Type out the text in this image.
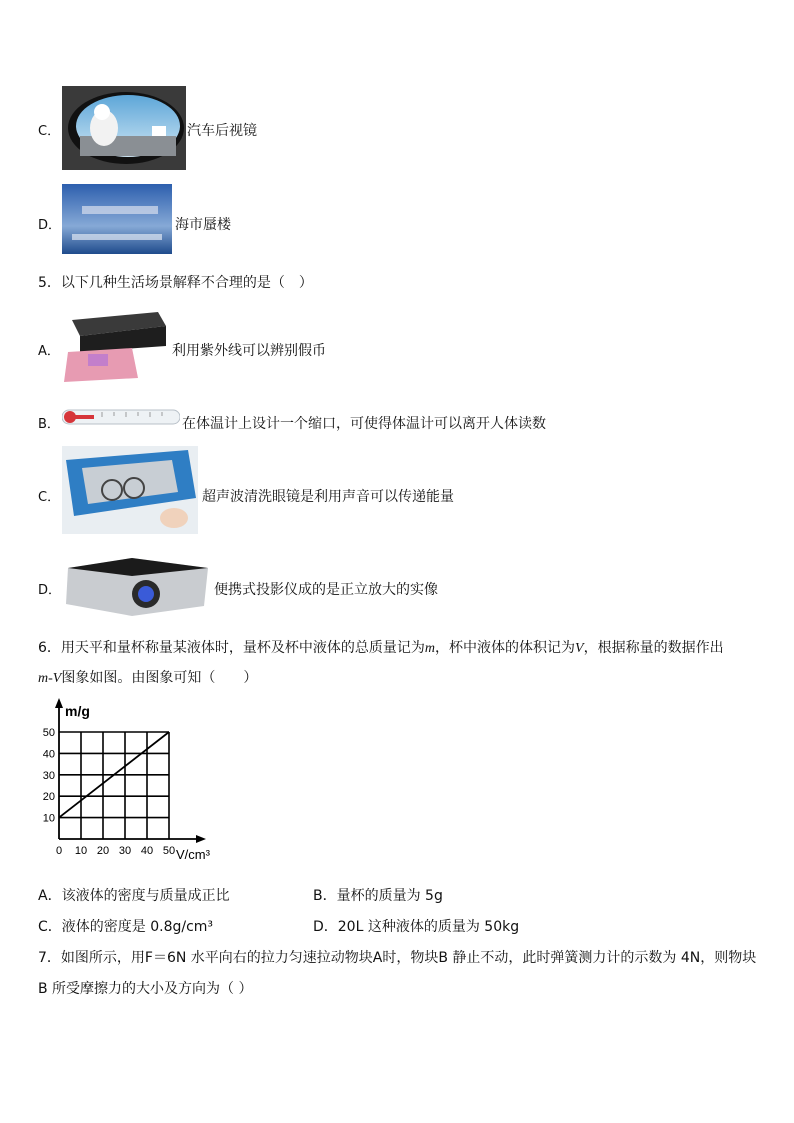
C．	汽车后视镜
D．	海市蜃楼
5．以下几种生活场景解释不合理的是（　）
A．	利用紫外线可以辨别假币
B．	在体温计上设计一个缩口，可使得体温计可以离开人体读数
C．	超声波清洗眼镜是利用声音可以传递能量
D．	便携式投影仪成的是正立放大的实像
6．用天平和量杯称量某液体时，量杯及杯中液体的总质量记为m，杯中液体的体积记为V，根据称量的数据作出
m-V图象如图。由图象可知（　　）
0 10 20 30 40 50
10
20
30
40
50
m/g
V/cm³
A．该液体的密度与质量成正比	B．量杯的质量为 5g
C．液体的密度是 0.8g/cm³	D．20L 这种液体的质量为 50kg
7．如图所示，用F＝6N 水平向右的拉力匀速拉动物块A时，物块B 静止不动，此时弹簧测力计的示数为 4N，则物块
B 所受摩擦力的大小及方向为（ ）
